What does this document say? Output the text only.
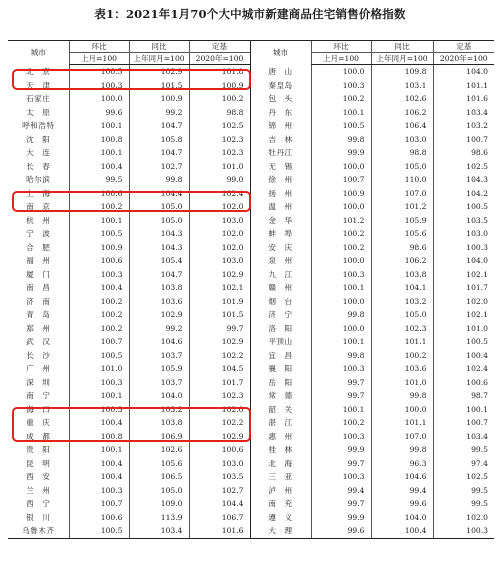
表1：2021年1月70个大中城市新建商品住宅销售价格指数
城市	环比	同比	定基	城市	环比	同比	定基
	上月=100	上年同月=100	2020年=100		上月=100	上年同月=100	2020年=100
北　京	100.5	102.9	101.8	唐　山	100.0	109.8	104.0
天　津	100.3	101.5	100.9	秦皇岛	100.3	103.1	101.1
石家庄	100.0	100.9	100.2	包　头	100.2	102.6	101.6
太　原	99.6	99.2	98.8	丹　东	100.1	106.2	103.4
呼和浩特	100.1	104.7	102.5	锦　州	100.5	106.4	103.2
沈　阳	100.8	105.8	102.3	吉　林	99.8	103.0	100.7
大　连	100.1	104.7	102.3	牡丹江	99.9	98.8	98.6
长　春	100.4	102.7	101.0	无　锡	100.0	105.0	102.5
哈尔滨	99.5	99.8	99.0	徐　州	100.7	110.0	104.3
上　海	100.6	104.4	102.4	扬　州	100.9	107.0	104.2
南　京	100.2	105.0	102.0	温　州	100.0	101.2	100.5
杭　州	100.1	105.0	103.0	金　华	101.2	105.9	103.5
宁　波	100.5	104.3	102.0	蚌　埠	100.2	105.6	103.0
合　肥	100.9	104.3	102.0	安　庆	100.2	98.6	100.3
福　州	100.6	105.4	103.0	泉　州	100.0	106.2	104.0
厦　门	100.3	104.7	102.9	九　江	100.3	103.8	102.1
南　昌	100.4	103.8	102.1	赣　州	100.1	104.1	101.7
济　南	100.2	103.6	101.9	烟　台	100.0	103.2	102.0
青　岛	100.2	102.9	101.5	济　宁	99.8	105.0	102.1
郑　州	100.2	99.2	99.7	洛　阳	100.0	102.3	101.0
武　汉	100.7	104.6	102.9	平顶山	100.1	101.1	100.5
长　沙	100.5	103.7	102.2	宜　昌	99.8	100.2	100.4
广　州	101.0	105.9	104.5	襄　阳	100.3	103.6	102.4
深　圳	100.3	103.7	101.7	岳　阳	99.7	101.0	100.6
南　宁	100.1	104.0	102.3	常　德	99.7	99.8	98.7
海　口	100.3	103.2	102.0	韶　关	100.1	100.0	100.1
重　庆	100.4	103.8	102.2	湛　江	100.2	101.1	100.7
成　都	100.8	106.9	102.9	惠　州	100.3	107.0	103.4
贵　阳	100.1	102.6	100.6	桂　林	99.9	99.8	99.5
昆　明	100.4	105.6	103.0	北　海	99.7	96.3	97.4
西　安	100.4	106.5	103.5	三　亚	100.3	104.6	102.5
兰　州	100.3	105.0	102.7	泸　州	99.4	99.4	99.5
西　宁	100.7	109.0	104.4	南　充	99.7	99.6	99.5
银　川	100.6	113.9	106.7	遵　义	99.9	104.0	102.0
乌鲁木齐	100.5	103.4	101.6	大　理	99.6	100.4	100.3
